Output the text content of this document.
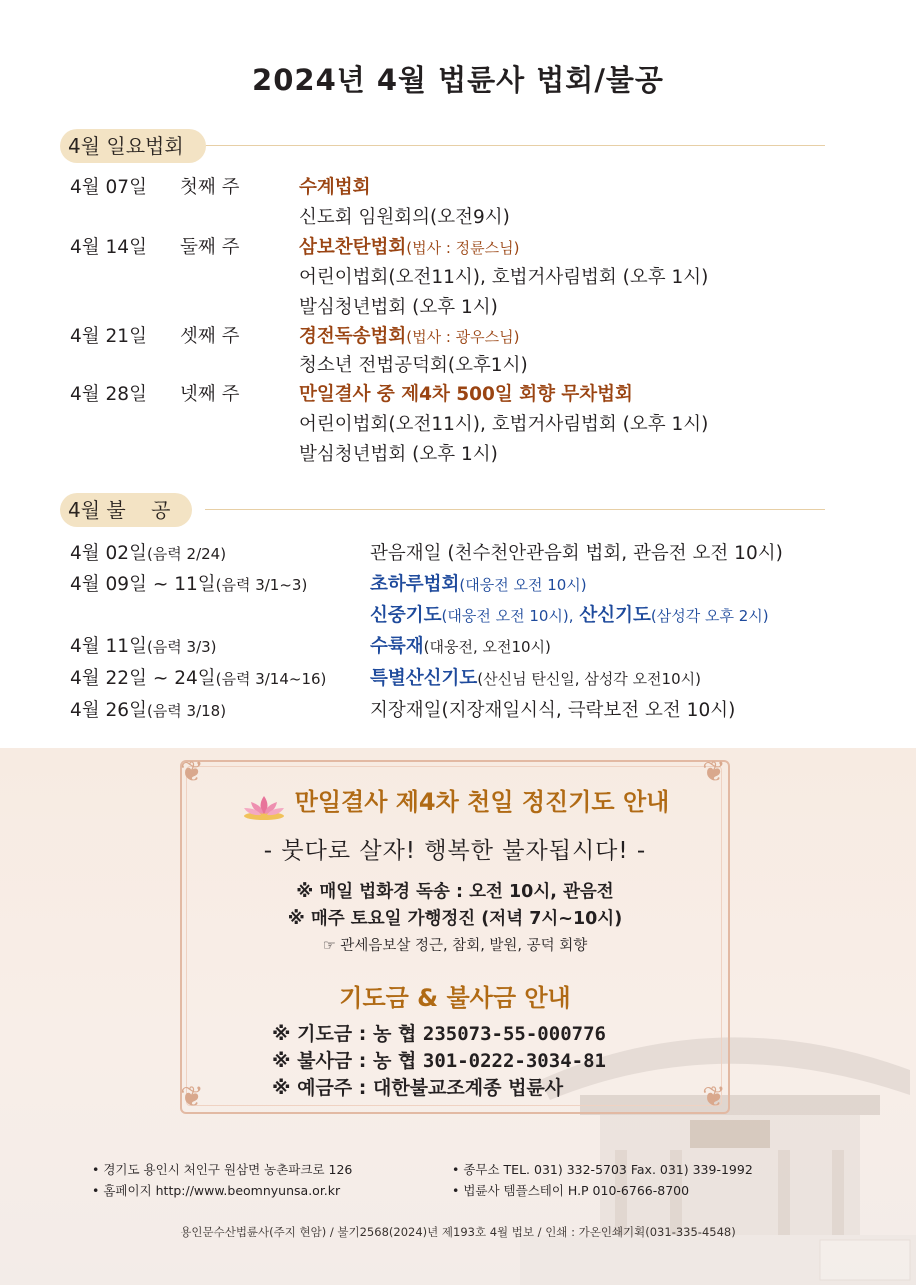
2024년 4월 법륜사 법회/불공
4월 일요법회
4월 07일 첫째 주	수계법회
신도회 임원회의(오전9시)
4월 14일 둘째 주	삼보찬탄법회(법사 : 정륜스님)
어린이법회(오전11시), 호법거사림법회 (오후 1시)
발심청년법회 (오후 1시)
4월 21일 셋째 주	경전독송법회(법사 : 광우스님)
청소년 전법공덕회(오후1시)
4월 28일 넷째 주	만일결사 중 제4차 500일 회향 무차법회
어린이법회(오전11시), 호법거사림법회 (오후 1시)
발심청년법회 (오후 1시)
4월 불    공
4월 02일(음력 2/24)	관음재일 (천수천안관음회 법회, 관음전 오전 10시)
4월 09일 ~ 11일(음력 3/1~3)	초하루법회(대웅전 오전 10시)
신중기도(대웅전 오전 10시), 산신기도(삼성각 오후 2시)
4월 11일(음력 3/3)	수륙재(대웅전, 오전10시)
4월 22일 ~ 24일(음력 3/14~16) 특별산신기도(산신님 탄신일, 삼성각 오전10시)
4월 26일(음력 3/18)	지장재일(지장재일시식, 극락보전 오전 10시)
❦	❦
❦	❦
만일결사 제4차 천일 정진기도 안내
- 붓다로 살자! 행복한 불자됩시다! -
※ 매일 법화경 독송 : 오전 10시, 관음전
※ 매주 토요일 가행정진 (저녁 7시~10시)
☞ 관세음보살 정근, 참회, 발원, 공덕 회향
기도금 & 불사금 안내
※ 기도금 : 농 협 235073-55-000776
※ 불사금 : 농 협 301-0222-3034-81
※ 예금주 : 대한불교조계종 법륜사
• 경기도 용인시 처인구 원삼면 농촌파크로 126
• 홈페이지 http://www.beomnyunsa.or.kr
• 종무소 TEL. 031) 332-5703 Fax. 031) 339-1992
• 법륜사 템플스테이 H.P 010-6766-8700
용인문수산법륜사(주지 현암) / 불기2568(2024)년 제193호 4월 법보 / 인쇄 : 가온인쇄기획(031-335-4548)
